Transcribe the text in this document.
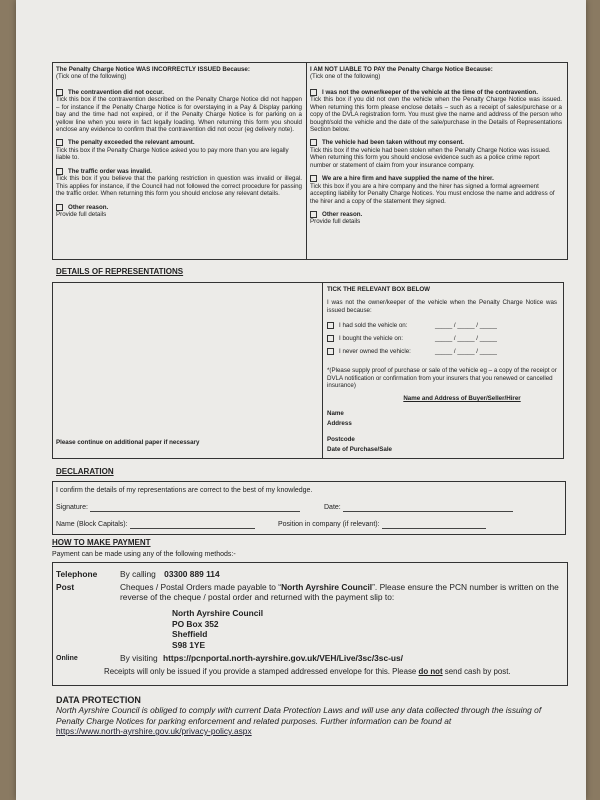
The Penalty Charge Notice WAS INCORRECTLY ISSUED Because:
(Tick one of the following)
The contravention did not occur.
Tick this box if the contravention described on the Penalty Charge Notice did not happen – for instance if the Penalty Charge Notice is for overstaying in a Pay & Display parking bay and the time had not expired, or if the Penalty Charge Notice is for parking on a yellow line when you were in fact legally loading. When returning this form you should enclose any evidence to confirm that the contravention did not occur (eg delivery note).
The penalty exceeded the relevant amount.
Tick this box if the Penalty Charge Notice asked you to pay more than you are legally liable to.
The traffic order was invalid.
Tick this box if you believe that the parking restriction in question was invalid or illegal. This applies for instance, if the Council had not followed the correct procedure for passing the traffic order. When returning this form you should enclose any relevant details.
Other reason.
Provide full details
I AM NOT LIABLE TO PAY the Penalty Charge Notice Because:
(Tick one of the following)
I was not the owner/keeper of the vehicle at the time of the contravention.
Tick this box if you did not own the vehicle when the Penalty Charge Notice was issued. When returning this form please enclose details – such as a receipt of sales/purchase or a copy of the DVLA registration form. You must give the name and address of the person who bought/sold the vehicle and the date of the sale/purchase in the Details of Representations Section below.
The vehicle had been taken without my consent.
Tick this box if the vehicle had been stolen when the Penalty Charge Notice was issued. When returning this form you should enclose evidence such as a police crime report number or statement of claim from your insurance company.
We are a hire firm and have supplied the name of the hirer.
Tick this box if you are a hire company and the hirer has signed a formal agreement accepting liability for Penalty Charge Notices. You must enclose the name and address of the hirer and a copy of the statement they signed.
Other reason.
Provide full details
DETAILS OF REPRESENTATIONS
Please continue on additional paper if necessary
TICK THE RELEVANT BOX BELOW
I was not the owner/keeper of the vehicle when the Penalty Charge Notice was issued because:
I had sold the vehicle on:	_____ / _____ / _____
I bought the vehicle on:	_____ / _____ / _____
I never owned the vehicle:	_____ / _____ / _____
*(Please supply proof of purchase or sale of the vehicle eg – a copy of the receipt or DVLA notification or confirmation from your insurers that you renewed or cancelled insurance)
Name and Address of Buyer/Seller/Hirer
Name
Address
Postcode
Date of Purchase/Sale
DECLARATION
I confirm the details of my representations are correct to the best of my knowledge.
Signature:	Date:
Name (Block Capitals):	Position in company (if relevant):
HOW TO MAKE PAYMENT
Payment can be made using any of the following methods:-
Telephone	By calling 03300 889 114
Post	Cheques / Postal Orders made payable to “North Ayrshire Council”. Please ensure the PCN number is written on the reverse of the cheque / postal order and returned with the payment slip to:
North Ayrshire Council
PO Box 352
Sheffield
S98 1YE
Online	By visiting https://pcnportal.north-ayrshire.gov.uk/VEH/Live/3sc/3sc-us/
Receipts will only be issued if you provide a stamped addressed envelope for this. Please do not send cash by post.
DATA PROTECTION
North Ayrshire Council is obliged to comply with current Data Protection Laws and will use any data collected through the issuing of Penalty Charge Notices for parking enforcement and related purposes. Further information can be found at
https://www.north-ayrshire.gov.uk/privacy-policy.aspx
